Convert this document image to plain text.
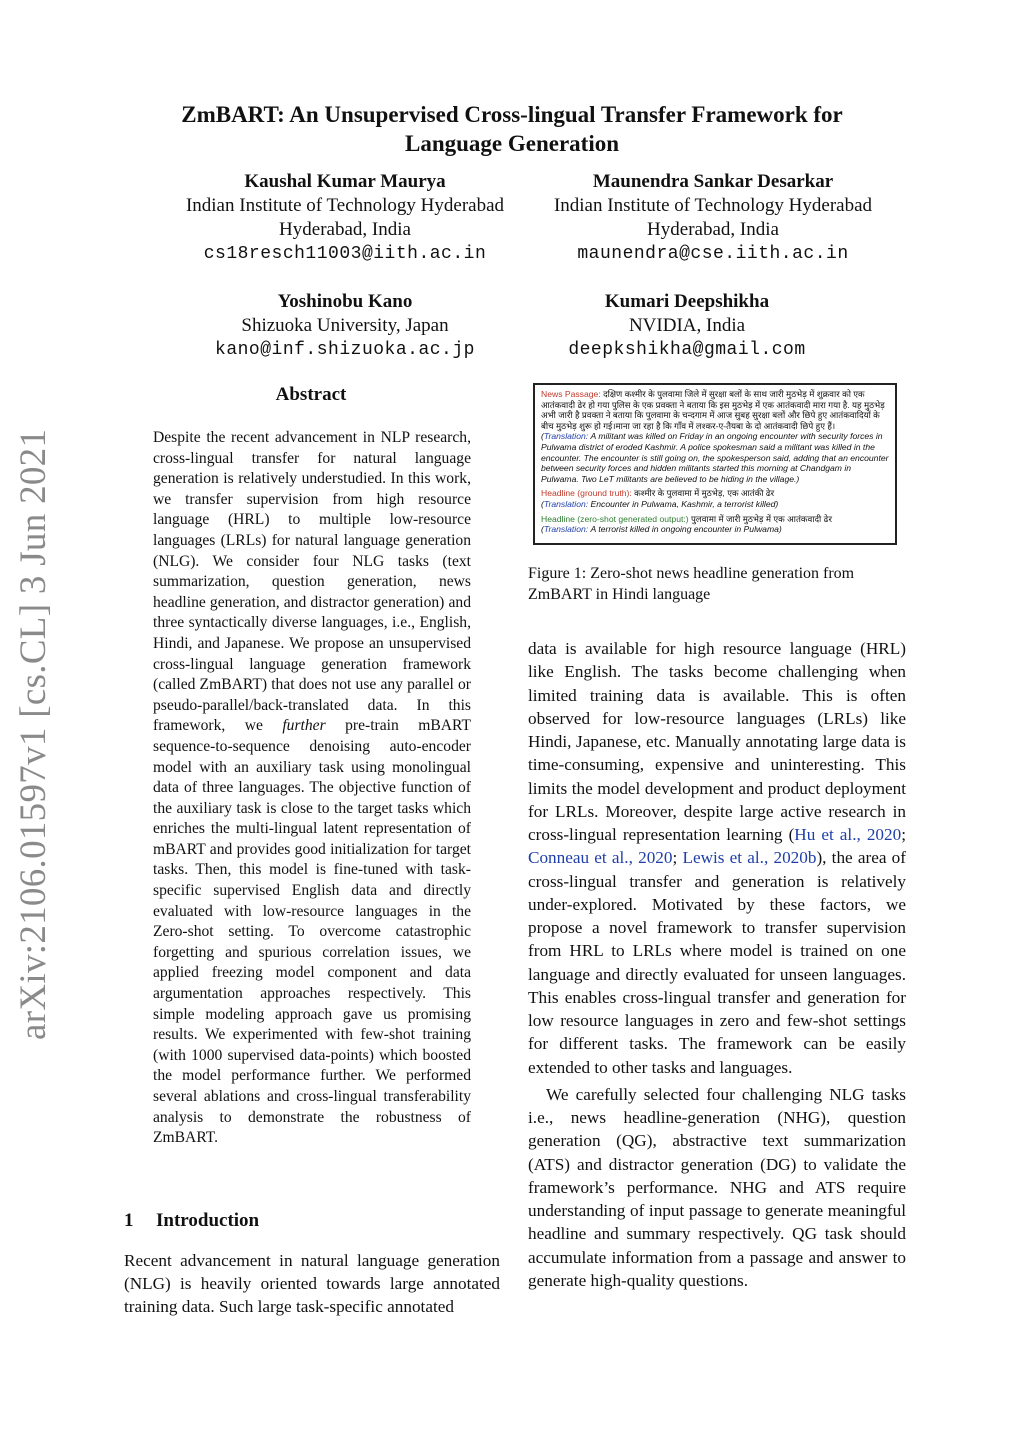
arXiv:2106.01597v1 [cs.CL] 3 Jun 2021
ZmBART: An Unsupervised Cross-lingual Transfer Framework for
Language Generation
Kaushal Kumar Maurya
Indian Institute of Technology Hyderabad
Hyderabad, India
cs18resch11003@iith.ac.in
Maunendra Sankar Desarkar
Indian Institute of Technology Hyderabad
Hyderabad, India
maunendra@cse.iith.ac.in
Yoshinobu Kano
Shizuoka University, Japan
kano@inf.shizuoka.ac.jp
Kumari Deepshikha
NVIDIA, India
deepkshikha@gmail.com
Abstract
Despite the recent advancement in NLP research, cross-lingual transfer for natural language generation is relatively understudied. In this work, we transfer supervision from high resource language (HRL) to multiple low-resource languages (LRLs) for natural language generation (NLG). We consider four NLG tasks (text summarization, question generation, news headline generation, and distractor generation) and three syntactically diverse languages, i.e., English, Hindi, and Japanese. We propose an unsupervised cross-lingual language generation framework (called ZmBART) that does not use any parallel or pseudo-parallel/back-translated data. In this framework, we further pre-train mBART sequence-to-sequence denoising auto-encoder model with an auxiliary task using monolingual data of three languages. The objective function of the auxiliary task is close to the target tasks which enriches the multi-lingual latent representation of mBART and provides good initialization for target tasks. Then, this model is fine-tuned with task-specific supervised English data and directly evaluated with low-resource languages in the Zero-shot setting. To overcome catastrophic forgetting and spurious correlation issues, we applied freezing model component and data argumentation approaches respectively. This simple modeling approach gave us promising results. We experimented with few-shot training (with 1000 supervised data-points) which boosted the model performance further. We performed several ablations and cross-lingual transferability analysis to demonstrate the robustness of ZmBART.
1 Introduction
Recent advancement in natural language generation (NLG) is heavily oriented towards large annotated training data. Such large task-specific annotated

News Passage: दक्षिण कश्मीर के पुलवामा जिले में सुरक्षा बलों के साथ जारी मुठभेड़ में शुक्रवार को एक आतंकवादी ढेर हो गया पुलिस के एक प्रवक्ता ने बताया कि इस मुठभेड़ में एक आतंकवादी मारा गया है. यह मुठभेड़ अभी जारी है प्रवक्ता ने बताया कि पुलवामा के चन्दगाम में आज सुबह सुरक्षा बलों और छिपे हुए आतंकवादियों के बीच मुठभेड़ शुरू हो गई।माना जा रहा है कि गाँव में लश्कर-ए-तैयबा के दो आतंकवादी छिपे हुए हैं।
(Translation: A militant was killed on Friday in an ongoing encounter with security forces in Pulwama district of eroded Kashmir. A police spokesman said a militant was killed in the encounter. The encounter is still going on, the spokesperson said, adding that an encounter between security forces and hidden militants started this morning at Chandgam in Pulwama. Two LeT militants are believed to be hiding in the village.)

Headline (ground truth): कश्मीर के पुलवामा में मुठभेड़, एक आतंकी ढेर
(Translation: Encounter in Pulwama, Kashmir, a terrorist killed)

Headline (zero-shot generated output:) पुलवामा में जारी मुठभेड़ में एक आतंकवादी ढेर
(Translation: A terrorist killed in ongoing encounter in Pulwama)

Figure 1: Zero-shot news headline generation from ZmBART in Hindi language

data is available for high resource language (HRL) like English. The tasks become challenging when limited training data is available. This is often observed for low-resource languages (LRLs) like Hindi, Japanese, etc. Manually annotating large data is time-consuming, expensive and uninteresting. This limits the model development and product deployment for LRLs. Moreover, despite large active research in cross-lingual representation learning (Hu et al., 2020; Conneau et al., 2020; Lewis et al., 2020b), the area of cross-lingual transfer and generation is relatively under-explored. Motivated by these factors, we propose a novel framework to transfer supervision from HRL to LRLs where model is trained on one language and directly evaluated for unseen languages. This enables cross-lingual transfer and generation for low resource languages in zero and few-shot settings for different tasks. The framework can be easily extended to other tasks and languages.

We carefully selected four challenging NLG tasks i.e., news headline-generation (NHG), question generation (QG), abstractive text summarization (ATS) and distractor generation (DG) to validate the framework’s performance. NHG and ATS require understanding of input passage to generate meaningful headline and summary respectively. QG task should accumulate information from a passage and answer to generate high-quality questions.
